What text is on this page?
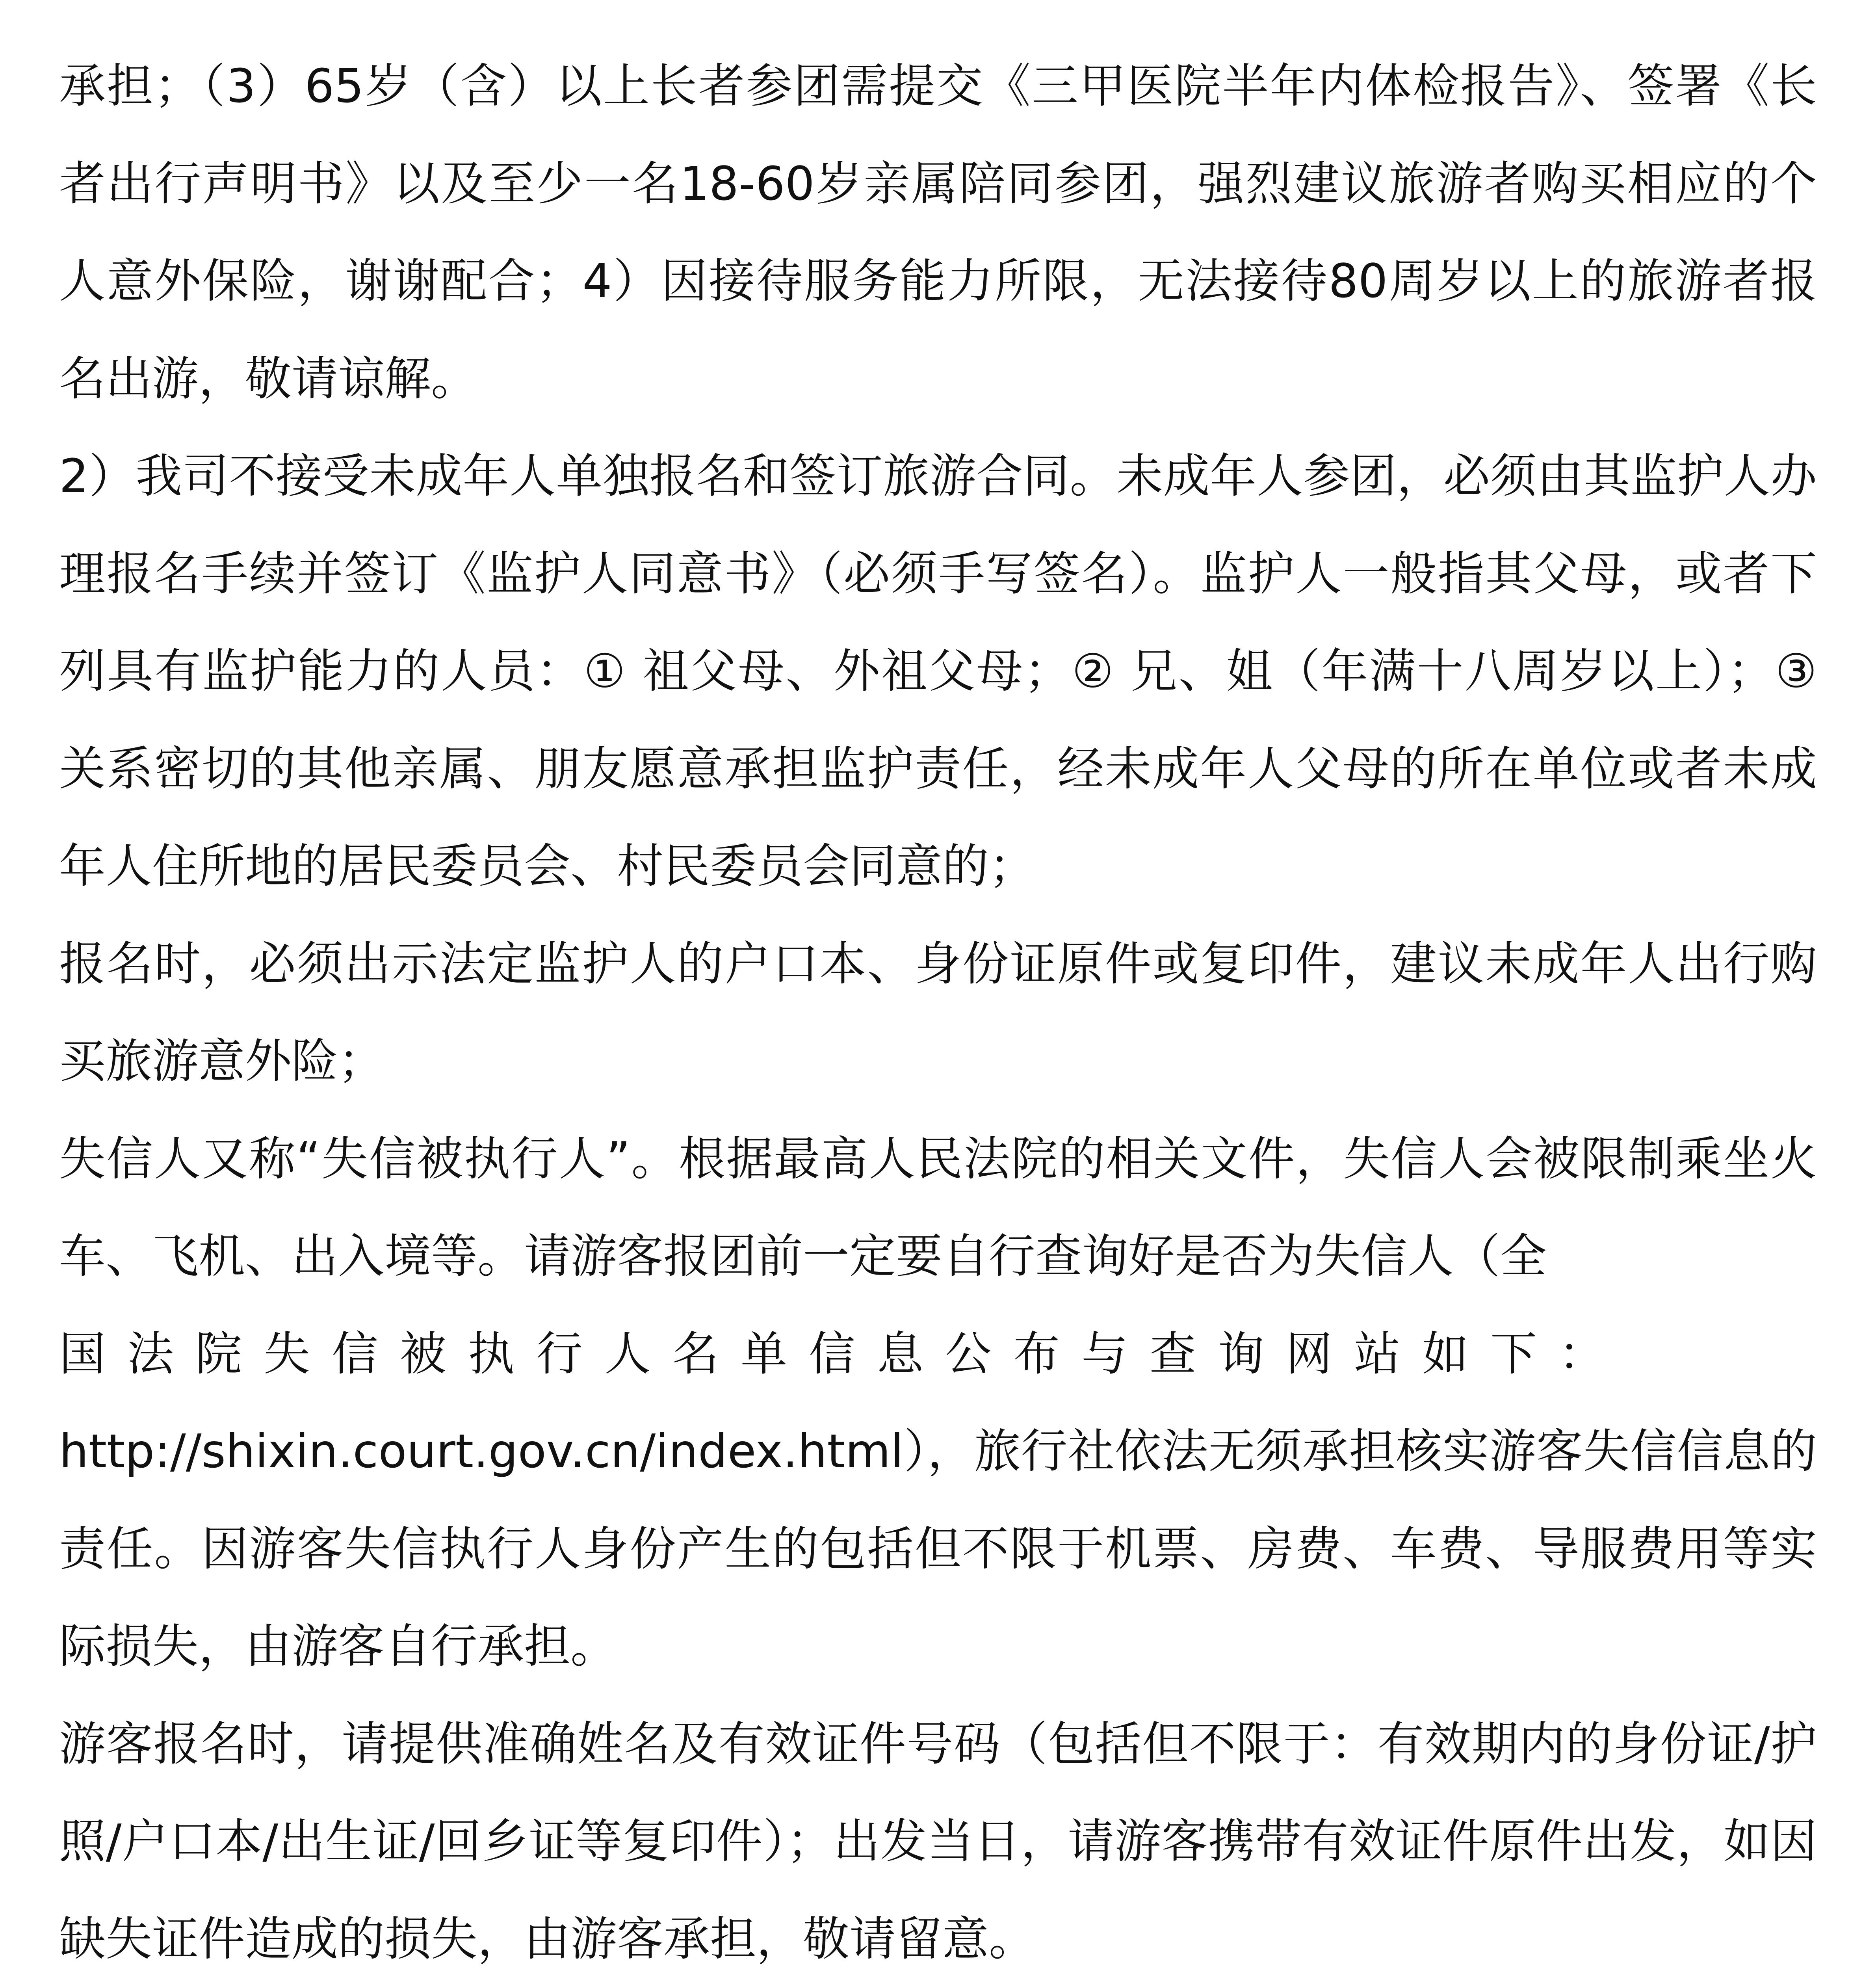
承担；（3）65岁（含）以上长者参团需提交《三甲医院半年内体检报告》、签署《长者出行声明书》以及至少一名18-60岁亲属陪同参团，强烈建议旅游者购买相应的个人意外保险，谢谢配合；4）因接待服务能力所限，无法接待80周岁以上的旅游者报名出游，敬请谅解。

2）我司不接受未成年人单独报名和签订旅游合同。未成年人参团，必须由其监护人办理报名手续并签订《监护人同意书》（必须手写签名）。监护人一般指其父母，或者下列具有监护能力的人员：① 祖父母、外祖父母；② 兄、姐（年满十八周岁以上）；③ 关系密切的其他亲属、朋友愿意承担监护责任，经未成年人父母的所在单位或者未成年人住所地的居民委员会、村民委员会同意的；

报名时，必须出示法定监护人的户口本、身份证原件或复印件，建议未成年人出行购买旅游意外险；

失信人又称“失信被执行人”。根据最高人民法院的相关文件，失信人会被限制乘坐火车、飞机、出入境等。请游客报团前一定要自行查询好是否为失信人（全
国法院失信被执行人名单信息公布与查询网站如下：
http://shixin.court.gov.cn/index.html），旅行社依法无须承担核实游客失信信息的责任。因游客失信执行人身份产生的包括但不限于机票、房费、车费、导服费用等实际损失，由游客自行承担。

游客报名时，请提供准确姓名及有效证件号码（包括但不限于：有效期内的身份证/护照/户口本/出生证/回乡证等复印件）；出发当日，请游客携带有效证件原件出发，如因缺失证件造成的损失，由游客承担，敬请留意。
